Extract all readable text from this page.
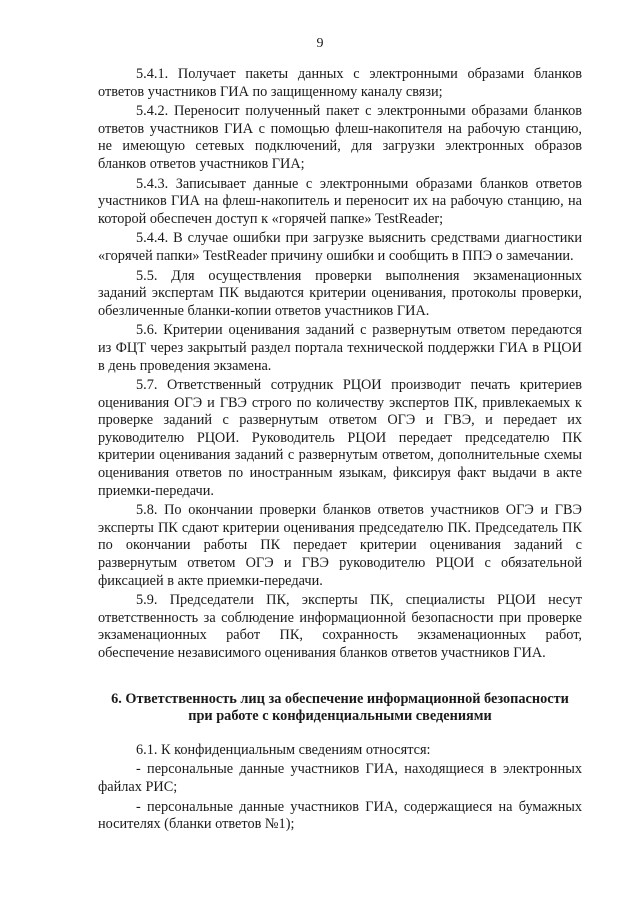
9

5.4.1. Получает пакеты данных с электронными образами бланков ответов участников ГИА по защищенному каналу связи;

5.4.2. Переносит полученный пакет с электронными образами бланков ответов участников ГИА с помощью флеш-накопителя на рабочую станцию, не имеющую сетевых подключений, для загрузки электронных образов бланков ответов участников ГИА;

5.4.3. Записывает данные с электронными образами бланков ответов участников ГИА на флеш-накопитель и переносит их на рабочую станцию, на которой обеспечен доступ к «горячей папке» TestReader;

5.4.4. В случае ошибки при загрузке выяснить средствами диагностики «горячей папки» TestReader причину ошибки и сообщить в ППЭ о замечании.

5.5. Для осуществления проверки выполнения экзаменационных заданий экспертам ПК выдаются критерии оценивания, протоколы проверки, обезличенные бланки-копии ответов участников ГИА.

5.6. Критерии оценивания заданий с развернутым ответом передаются из ФЦТ через закрытый раздел портала технической поддержки ГИА в РЦОИ в день проведения экзамена.

5.7. Ответственный сотрудник РЦОИ производит печать критериев оценивания ОГЭ и ГВЭ строго по количеству экспертов ПК, привлекаемых к проверке заданий с развернутым ответом ОГЭ и ГВЭ, и передает их руководителю РЦОИ. Руководитель РЦОИ передает председателю ПК критерии оценивания заданий с развернутым ответом, дополнительные схемы оценивания ответов по иностранным языкам, фиксируя факт выдачи в акте приемки-передачи.

5.8. По окончании проверки бланков ответов участников ОГЭ и ГВЭ эксперты ПК сдают критерии оценивания председателю ПК. Председатель ПК по окончании работы ПК передает критерии оценивания заданий с развернутым ответом ОГЭ и ГВЭ руководителю РЦОИ с обязательной фиксацией в акте приемки-передачи.

5.9. Председатели ПК, эксперты ПК, специалисты РЦОИ несут ответственность за соблюдение информационной безопасности при проверке экзаменационных работ ПК, сохранность экзаменационных работ, обеспечение независимого оценивания бланков ответов участников ГИА.

6. Ответственность лиц за обеспечение информационной безопасности
при работе с конфиденциальными сведениями

6.1. К конфиденциальным сведениям относятся:

- персональные данные участников ГИА, находящиеся в электронных файлах РИС;

- персональные данные участников ГИА, содержащиеся на бумажных носителях (бланки ответов №1);
